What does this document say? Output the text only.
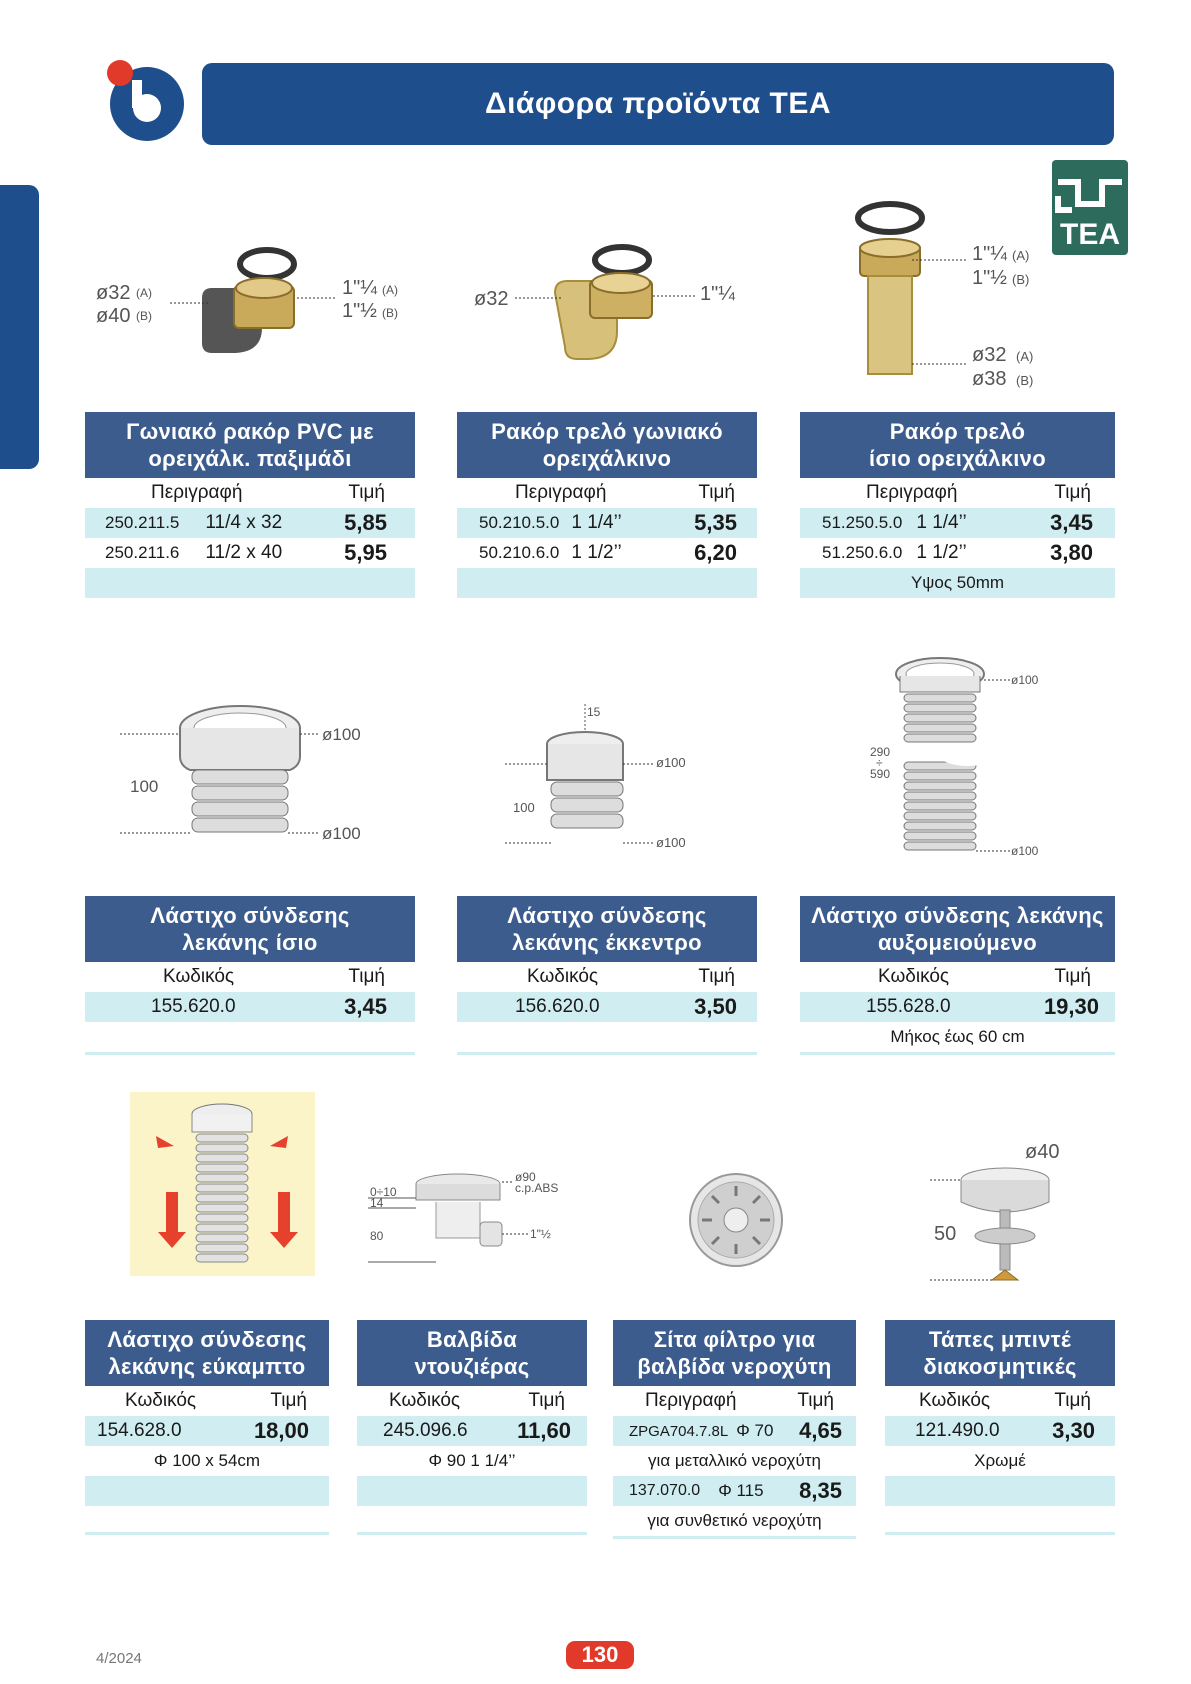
Διάφορα προϊόντα ΤΕΑ
ΤΕΑ
ø32 (A)
ø40 (B)
1"¼ (A)
1"½ (B)
ø32	1"¼
1"¼ (A)
1"½ (B)
ø32 (A)
ø38 (B)
ø100
ø100
100
15
ø100
ø100
100
ø100
ø100
290
÷
590
0÷10
14
80
ø90
c.p.ABS
1"½
ø40
50
Γωνιακό ρακόρ PVC με
ορειχάλκ. παξιμάδι
Περιγραφή	Τιμή
250.211.5 11/4 x 32	5,85
250.211.6 11/2 x 40	5,95
Ρακόρ τρελό γωνιακό
ορειχάλκινο
Περιγραφή	Τιμή
50.210.5.0 1 1/4’’	5,35
50.210.6.0 1 1/2’’	6,20
Ρακόρ τρελό
ίσιο ορειχάλκινο
Περιγραφή	Τιμή
51.250.5.0 1 1/4’’	3,45
51.250.6.0 1 1/2’’	3,80
Υψος 50mm
Λάστιχο σύνδεσης
λεκάνης ίσιο
Κωδικός	Τιμή
155.620.0	3,45
Λάστιχο σύνδεσης
λεκάνης έκκεντρο
Κωδικός	Τιμή
156.620.0	3,50
Λάστιχο σύνδεσης λεκάνης
αυξομειούμενο
Κωδικός	Τιμή
155.628.0	19,30
Μήκος έως 60 cm
Λάστιχο σύνδεσης
λεκάνης εύκαμπτο
Κωδικός	Τιμή
154.628.0	18,00
Φ 100 x 54cm
Βαλβίδα
ντουζιέρας
Κωδικός	Τιμή
245.096.6 11,60
Φ 90 1 1/4’’
Σίτα φίλτρο για
βαλβίδα νεροχύτη
Περιγραφή	Τιμή
ZPGA704.7.8L Φ 70 4,65
για μεταλλικό νεροχύτη
137.070.0 Φ 115 8,35
για συνθετικό νεροχύτη
Τάπες μπιντέ
διακοσμητικές
Κωδικός	Τιμή
121.490.0 3,30
Χρωμέ
4/2024	130
